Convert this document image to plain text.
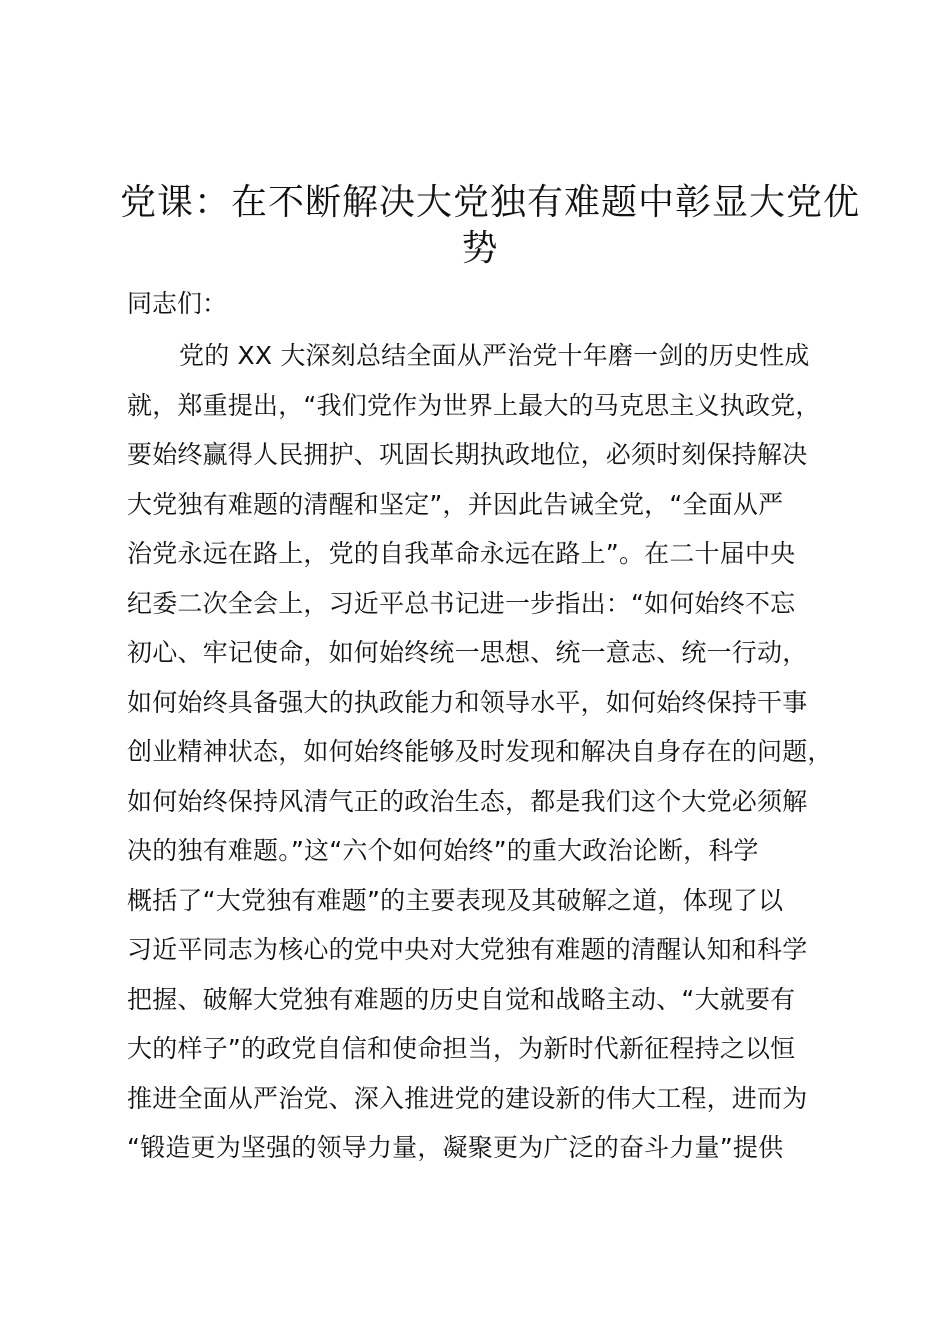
党课：在不断解决大党独有难题中彰显大党优
势
同志们：
党的 XX 大深刻总结全面从严治党十年磨一剑的历史性成
就，郑重提出，“我们党作为世界上最大的马克思主义执政党，
要始终赢得人民拥护、巩固长期执政地位，必须时刻保持解决
大党独有难题的清醒和坚定”，并因此告诫全党，“全面从严
治党永远在路上，党的自我革命永远在路上”。在二十届中央
纪委二次全会上，习近平总书记进一步指出：“如何始终不忘
初心、牢记使命，如何始终统一思想、统一意志、统一行动，
如何始终具备强大的执政能力和领导水平，如何始终保持干事
创业精神状态，如何始终能够及时发现和解决自身存在的问题，
如何始终保持风清气正的政治生态，都是我们这个大党必须解
决的独有难题。”这“六个如何始终”的重大政治论断，科学
概括了“大党独有难题”的主要表现及其破解之道，体现了以
习近平同志为核心的党中央对大党独有难题的清醒认知和科学
把握、破解大党独有难题的历史自觉和战略主动、“大就要有
大的样子”的政党自信和使命担当，为新时代新征程持之以恒
推进全面从严治党、深入推进党的建设新的伟大工程，进而为
“锻造更为坚强的领导力量，凝聚更为广泛的奋斗力量”提供
